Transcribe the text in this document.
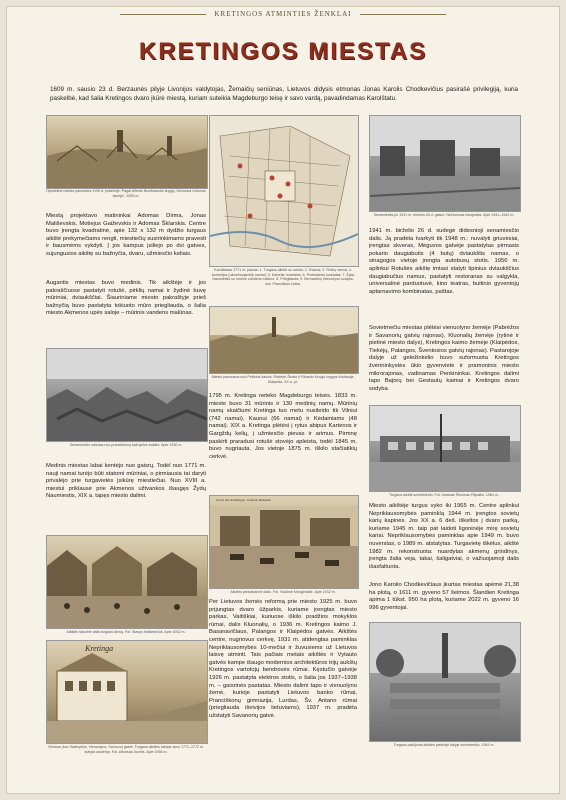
KRETINGOS ATMINTIES ŽENKLAI
KRETINGOS MIESTAS
1609 m. sausio 23 d. Berzaunės pilyje Livonijos valdytojas, Žemaičių seniūnas, Lietuvos didysis etmonas Jonas Karolis Chodkevičius pasirašė privilegiją, kuria paskelbė, kad šalia Kretingos dvaro įkūrė miestą, kuriam suteikia Magdeburgo teisę ir savo vardą, pavadindamas Karolštatu.
Hipotetinė miesto panorama XVIII a. pradžioje. Pagal Alfredo Bumblausko knygą „Senosios Lietuvos istorija". 2005 m.
Miestą projektavo matininkai Adomas Dirma, Jonas Mališevskis, Motiejus Gaiževskis ir Adomas Šklarskis. Centre buvo įrengta kvadratinė, apie 132 x 132 m dydžio turgaus aikštė prekymečiams rengti, miestiečių susirinkimams pravesti ir bausmėms vykdyti. Į jos kampus įsiliejo po dvi gatves, sujungusios aikštę su bažnyčia, dvaru, užmiesčio keliais.
Augantis miestas buvo medinis. Tik aikštėje ir jos pakraščiuose pastatyti rotušė, pirklių namai ir žydinė buvę mūriniai, dviaukščiai. Šiauriniame miesto pakraštyje prieš bažnyčią buvo pastatyta tokiuoto mūro priegliauda, o šalia miesto Akmenos upės saloje – mūrinis vandens malūnas.
Senamiesčio vaizdas nuo pranciškonų bažnyčios bokšto. Apie 1930 m.
Medinis miestas labai kentėjo nuo gaisrų. Todėl nuo 1771 m. nauji namai turėjo būti statomi mūriniai, o pirmiausia tai daryti privalėjo prie turgavietės įsikūrę miestiečiai. Nuo XVIII a. miestui priklausė prie Akmenos užtvankos išaugęs Žydų Naumiestis, XIX a. tapęs miesto dalimi.
Aikštės šiaurinė dalis turgaus dieną. Fot. Stasys Vaitkevičius. Apie 1932 m.
Kretinga
Vilniaus (buv. Bažnyčios, Vienuolyno, Sauruvo) gatvė. Turgaus aikštės kampe stovi 1771–1772 m. statyta austerija. Fot. Alfonsas Juvelis. Apie 1936 m.
Karolštatas 1771 m. planas: 1. Turgaus aikštė su rotuše; 2. Dvaras; 3. Pirklių namai; 4. Austerijos (užvažiuojamieji namai); 5. Kalvelis, kvartalas; 6. Protestantų kvartalas; 7. Žydų Naumiestis su mūrine vandens malūnu; 8. Priegliauda; 9. Bernardinų vienuolyno sodyba. Aut. Pranciškus Iodka.
Miesto panorama nuo Pelėdos kalvos. Roberto Šimko ir Ričardo Kriugo knygos ilustracija. Klaipėda, XX a. pr.
1795 m. Kretinga neteko Magdeburgo teisės. 1833 m. mieste buvo 31 mūrinis ir 130 medinių namų. Mūrinių namų skaičiumi Kretinga tuo metu nusileido tik Vilniui (742 namai), Kaunui (66 namai) ir Kėdainiams (48 namai). XIX a. Kretinga plėtėsi į rytus abipus Kartenos ir Gargždų kelių, į užmiesčio pievas ir arimus. Pirmnę paskirti praradusi rotušė stovėjo apleista, todėl 1845 m. buvo nugriauta. Jos vietoje 1875 m. iškilo stačiatikių cerkvė.
Gruss aus Krottingen. Gruß an Bekassin
Aikštės pietvakarinė dalis. Fot. Vladimir Mongirdaitė. Apie 1932 m.
Per Lietuvos žemės reformą prie miesto 1925 m. buvo prijungtas dvaro ūžparkis, kuriame įrengtas miesto parkas, Vaitiškiai, kuriuose iškilo pradžios mokyklos rūmai, dalis Kluonalių, o 1936 m. Kretingos kaimo J. Basanavičiaus, Palangos ir Klaipėdos gatvės. Aikštės centre, nugriovus cerkvę, 1931 m. atidengtas paminklas Nepriklausomybės 10-mečiui ir žuvusiems už Lietuvos laisvę atminti. Tais pačiais metais aikštės ir Vytauto gatvės kampe išaugo modernios architektūros trijų aukštų Kretingos vartotojų bendrovės rūmai. Kęstučio gatvėje 1926 m. pastatyta elektros stotis, o šalia jos 1937–1938 m. – gaisrinės pastatas. Miesto dalimi tapo ir vienuolyno žemė, kurioje pastatyti Lietuvos banko rūmai, Pranciškonų gimnazija, Lurdas, Šv. Antano rūmai (priegliauda išeivijos lietuviams), 1937 m. pradėta užstatyti Savanorių gatvė.
Senamiestis po 1941 m. birželio 26 d. gaisro. Nežinomas fotografas. Apie 1941–1942 m.
1941 m. birželio 26 d. sudegė didesnioji senamiesčio dalis. Ją pradėta tvarkyti tik 1948 m.: nuvalyti griuvėsiai, įrengtas skveras, Mėguvos gatvėje pastatytas pirmasis pokario daugiabutis (4 butų) dviaukštis namas, o sinagogos vietoje įrengta autobusų stotis. 1956 m. aplinkui Rotušės aikštę imtasi statyti tipinius dviaukščius daugiabučius namus, pastatyti restoranas su valgykla, universalinė parduotuvė, kino teatras, buitinio gyventojų aptarnavimo kombinatas, paštas.
Sovietmečiu miestas plėtėsi vienuolyno žemėje (Pabrėžos ir Savanorių gatvių rajonas), Kluonalių žemėje (rytinė ir pietinė miesto dalys), Kretingos kaimo žemėje (Klaipėdos, Tiekėjų, Palangos, Šventosios gatvių rajonas). Pastarojoje dalyje už geležinkelio buvo suformuota Kretingos žvėrininkystės ūkio gyvenvietė ir pramoninis miesto mikrorajonas, vadinamas Penkininkai. Kretingos dalimi tapo Bajorų bei Gestautų kaimai ir Kretingos dvaro sodyba.
Turgaus aikštė sovietmečiu. Fot. Antanas Šimonas Pilipaitis. 1964 m.
Miesto aikštėje turgus vyko iki 1965 m. Centre aplinkui Nepriklausomybės paminklą 1944 m. įrengtos sovietų karių kapinės. Jos XX a. 6 deš. iškeltos į dvaro parką, kuriame 1945 m. taip pat laidoti ligoninėje mirę sovietų kariai. Nepriklausomybės paminklas apie 1949 m. buvo nuverstas, o 1989 m. atstatytas. Turgavietę iškėlus, aikštė 1982 m. rekonstruota: nuardytas akmenų grindinys, įrengta žalia veja, takai, šaligatviai, o važiuojamoji dalis išasfaltuota.
Jono Karolio Chodkevičiaus įkurtas miestas apėmė 21,38 ha plotą, o 1611 m. gyveno 57 šeimos. Šiandien Kretinga apima 1 tūkst. 950 ha plotą, kuriame 2022 m. gyveno 16 996 gyventojai.
Turgaus paviljonai aikštės pietinėje dalyje sovietmečiu. 1961 m.
